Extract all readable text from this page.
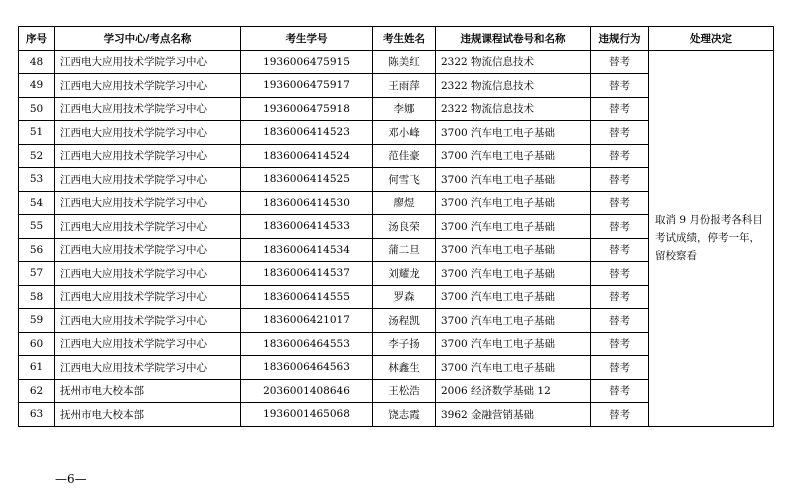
序号	学习中心/考点名称	考生学号	考生姓名	违规课程试卷号和名称	违规行为	处理决定
48	江西电大应用技术学院学习中心	1936006475915	陈美红	2322 物流信息技术	替考	取消 9 月份报考各科目考试成绩，停考一年，留校察看
49	江西电大应用技术学院学习中心	1936006475917	王雨萍	2322 物流信息技术	替考	
50	江西电大应用技术学院学习中心	1936006475918	李娜	2322 物流信息技术	替考	
51	江西电大应用技术学院学习中心	1836006414523	邓小峰	3700 汽车电工电子基础	替考	
52	江西电大应用技术学院学习中心	1836006414524	范佳豪	3700 汽车电工电子基础	替考	
53	江西电大应用技术学院学习中心	1836006414525	何雪飞	3700 汽车电工电子基础	替考	
54	江西电大应用技术学院学习中心	1836006414530	廖煜	3700 汽车电工电子基础	替考	
55	江西电大应用技术学院学习中心	1836006414533	汤良荣	3700 汽车电工电子基础	替考	
56	江西电大应用技术学院学习中心	1836006414534	蒲二旦	3700 汽车电工电子基础	替考	
57	江西电大应用技术学院学习中心	1836006414537	刘耀龙	3700 汽车电工电子基础	替考	
58	江西电大应用技术学院学习中心	1836006414555	罗森	3700 汽车电工电子基础	替考	
59	江西电大应用技术学院学习中心	1836006421017	汤程凯	3700 汽车电工电子基础	替考	
60	江西电大应用技术学院学习中心	1836006464553	李子扬	3700 汽车电工电子基础	替考	
61	江西电大应用技术学院学习中心	1836006464563	林鑫生	3700 汽车电工电子基础	替考	
62	抚州市电大校本部	2036001408646	王松浩	2006 经济数学基础 12	替考	
63	抚州市电大校本部	1936001465068	饶志霞	3962 金融营销基础	替考	
—6—
